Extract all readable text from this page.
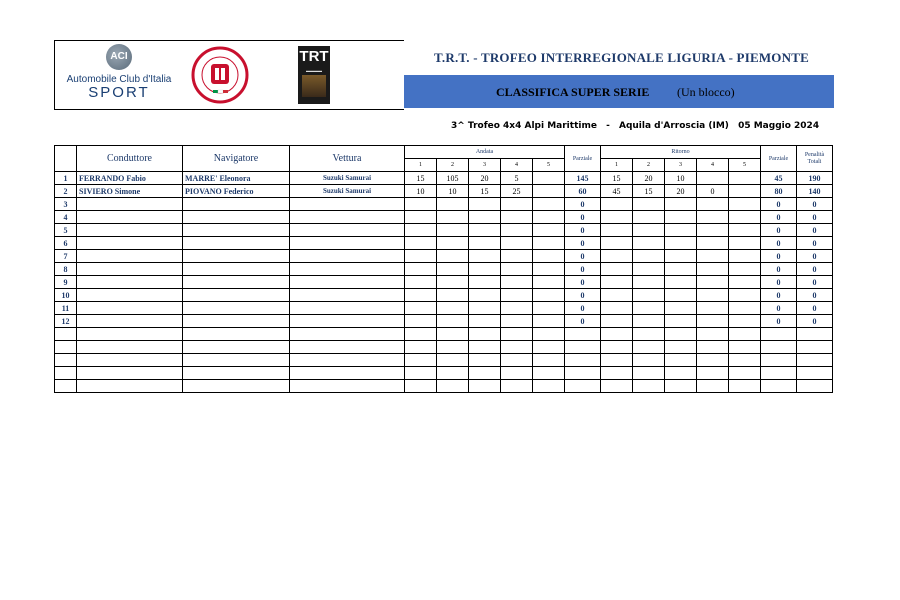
ACI
Automobile Club d'Italia
SPORT
TRT
▬▬▬▬
T.R.T. - TROFEO INTERREGIONALE LIGURIA - PIEMONTE
CLASSIFICA SUPER SERIE (Un blocco)
3^ Trofeo 4x4 Alpi Marittime - Aquila d'Arroscia (IM) 05 Maggio 2024
	Conduttore	Navigatore	Vettura	Andata					Parziale	Ritorno					Parziale	Penalità
Totali

				1	2	3	4	5		1	2	3	4	5		
1	FERRANDO Fabio	MARRE' Eleonora	Suzuki Samurai	15	105	20	5		145	15	20	10			45	190
2	SIVIERO Simone	PIOVANO Federico	Suzuki Samurai	10	10	15	25		60	45	15	20	0		80	140
3									0						0	0
4									0						0	0
5									0						0	0
6									0						0	0
7									0						0	0
8									0						0	0
9									0						0	0
10									0						0	0
11									0						0	0
12									0						0	0
